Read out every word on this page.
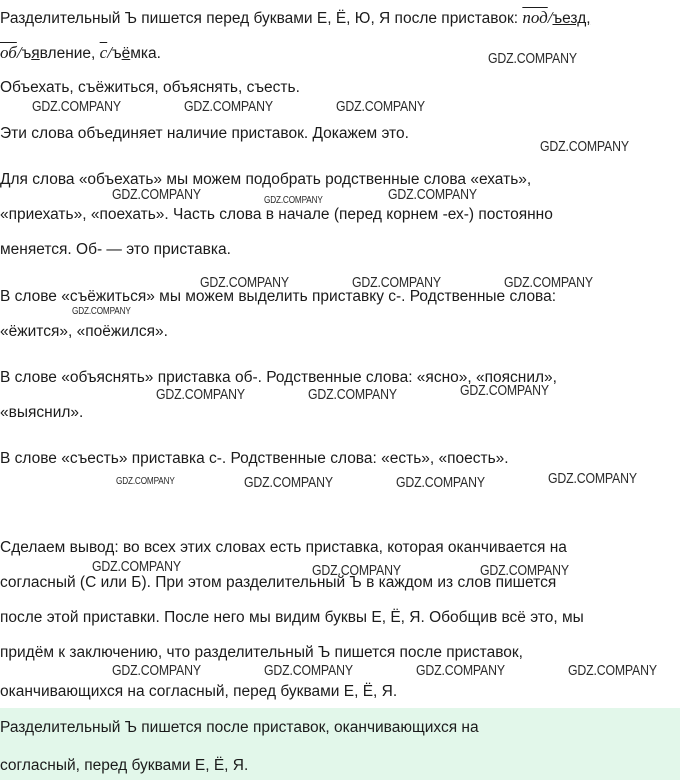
Разделительный Ъ пишется перед буквами Е, Ё, Ю, Я после приставок: под/ъезд,
об/ъявление, с/ъёмка.
Объехать, съёжиться, объяснять, съесть.
Эти слова объединяет наличие приставок. Докажем это.
Для слова «объехать» мы можем подобрать родственные слова «ехать»,
«приехать», «поехать». Часть слова в начале (перед корнем -ех-) постоянно
меняется. Об- — это приставка.
В слове «съёжиться» мы можем выделить приставку с-. Родственные слова:
«ёжится», «поёжился».
В слове «объяснять» приставка об-. Родственные слова: «ясно», «пояснил»,
«выяснил».
В слове «съесть» приставка с-. Родственные слова: «есть», «поесть».
Сделаем вывод: во всех этих словах есть приставка, которая оканчивается на
согласный (С или Б). При этом разделительный Ъ в каждом из слов пишется
после этой приставки. После него мы видим буквы Е, Ё, Я. Обобщив всё это, мы
придём к заключению, что разделительный Ъ пишется после приставок,
оканчивающихся на согласный, перед буквами Е, Ё, Я.
Разделительный Ъ пишется после приставок, оканчивающихся на
согласный, перед буквами Е, Ё, Я.
GDZ.COMPANY
GDZ.COMPANY	GDZ.COMPANY	GDZ.COMPANY
GDZ.COMPANY
GDZ.COMPANY	GDZ.COMPANY	GDZ.COMPANY
GDZ.COMPANY	GDZ.COMPANY	GDZ.COMPANY
GDZ.COMPANY
GDZ.COMPANY	GDZ.COMPANY	GDZ.COMPANY
GDZ.COMPANY	GDZ.COMPANY	GDZ.COMPANY	GDZ.COMPANY
GDZ.COMPANY	GDZ.COMPANY	GDZ.COMPANY
GDZ.COMPANY	GDZ.COMPANY	GDZ.COMPANY	GDZ.COMPANY
